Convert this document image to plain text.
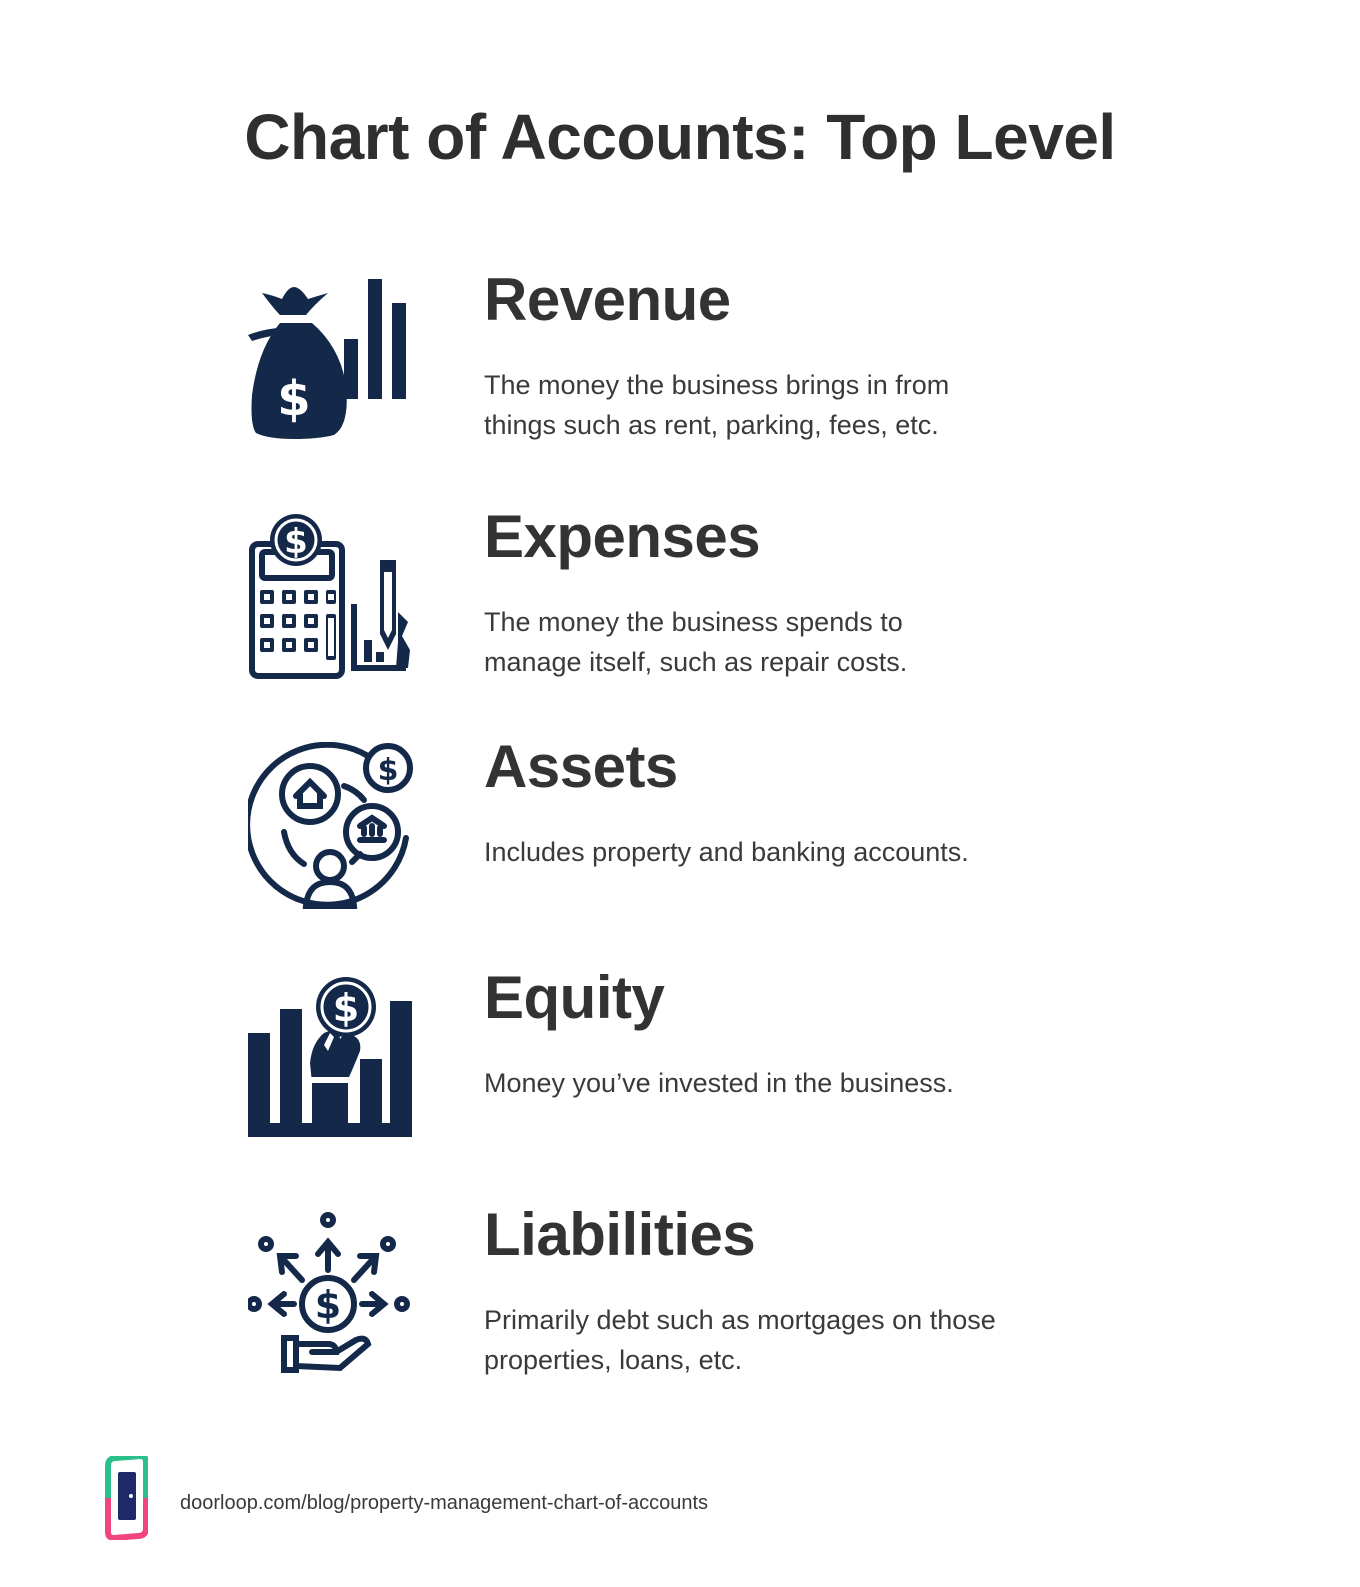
Chart of Accounts: Top Level
$
Revenue
The money the business brings in from things such as rent, parking, fees, etc.
$	Expenses
The money the business spends to manage itself, such as repair costs.
$ Assets
Includes property and banking accounts.
$ Equity
Money you’ve invested in the business.
$
Liabilities
Primarily debt such as mortgages on those properties, loans, etc.
doorloop.com/blog/property-management-chart-of-accounts
